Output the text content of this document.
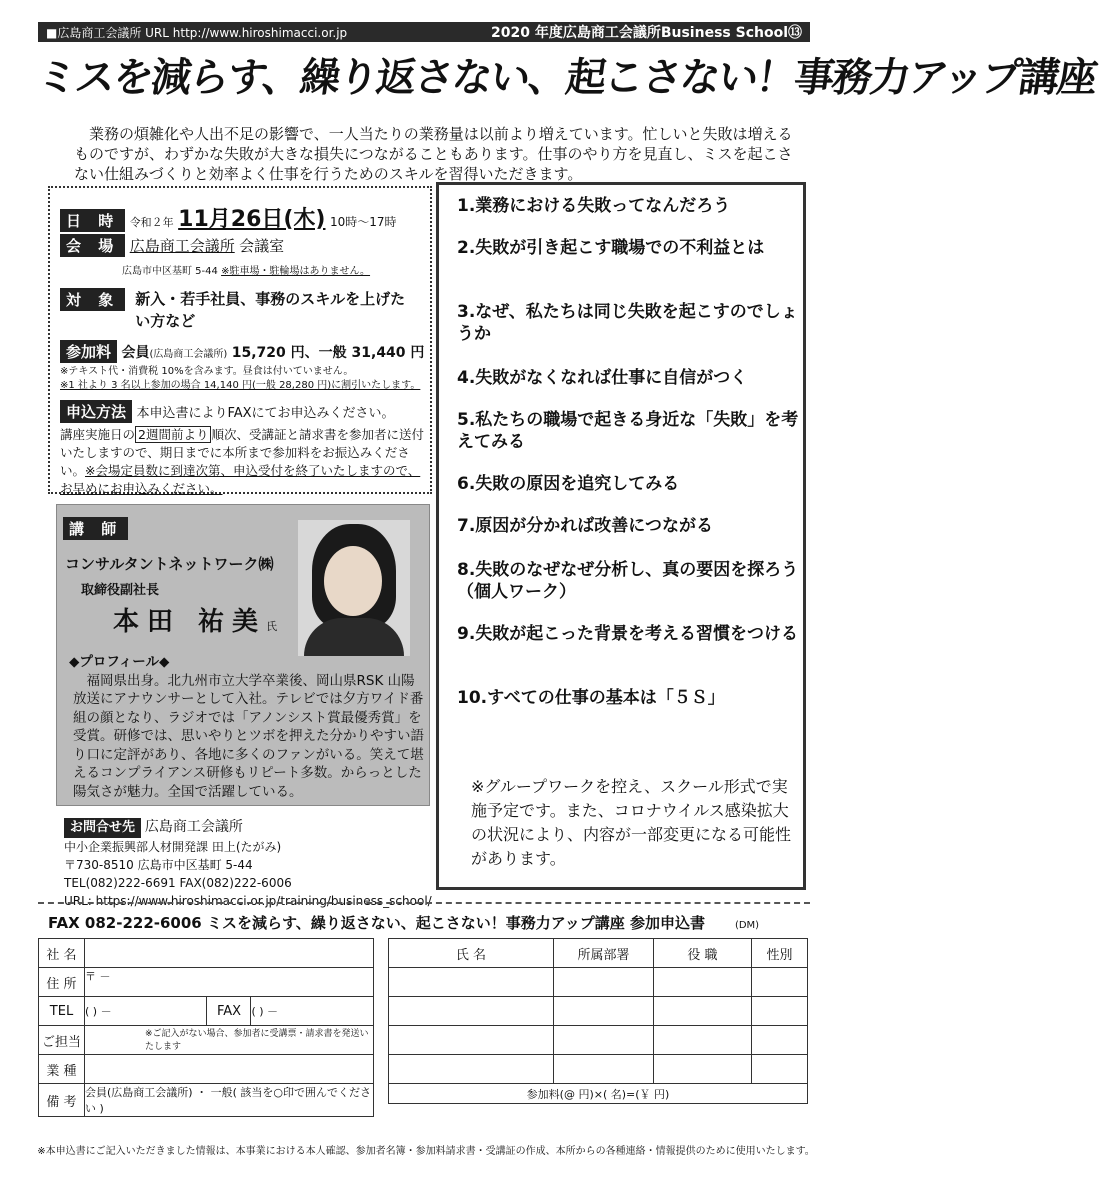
■広島商工会議所 URL http://www.hiroshimacci.or.jp	2020 年度広島商工会議所Business School⑬
ミスを減らす、繰り返さない、起こさない！事務力アップ講座
業務の煩雑化や人出不足の影響で、一人当たりの業務量は以前より増えています。忙しいと失敗は増えるものですが、わずかな失敗が大きな損失につながることもあります。仕事のやり方を見直し、ミスを起こさない仕組みづくりと効率よく仕事を行うためのスキルを習得いただきます。
日 時 令和２年 11月26日(木) 10時～17時
会 場 広島商工会議所 会議室
広島市中区基町 5-44 ※駐車場・駐輪場はありません。
対 象	新入・若手社員、事務のスキルを上げたい方など
参加料 会員(広島商工会議所) 15,720 円、一般 31,440 円
※テキスト代・消費税 10%を含みます。昼食は付いていません。
※1 社より 3 名以上参加の場合 14,140 円(一般 28,280 円)に割引いたします。
申込方法 本申込書によりFAXにてお申込みください。
講座実施日の 2週間前より 順次、受講証と請求書を参加者に送付いたしますので、期日までに本所まで参加料をお振込みください。※会場定員数に到達次第、申込受付を終了いたしますので、お早めにお申込みください。
講 師
コンサルタントネットワーク㈱
取締役副社長
本田 祐美氏
◆プロフィール◆
福岡県出身。北九州市立大学卒業後、岡山県RSK 山陽放送にアナウンサーとして入社。テレビでは夕方ワイド番組の顔となり、ラジオでは「アノンシスト賞最優秀賞」を受賞。研修では、思いやりとツボを押えた分かりやすい語り口に定評があり、各地に多くのファンがいる。笑えて堪えるコンプライアンス研修もリピート多数。からっとした陽気さが魅力。全国で活躍している。
お問合せ先 広島商工会議所
中小企業振興部人材開発課 田上(たがみ)
〒730-8510 広島市中区基町 5-44
TEL(082)222-6691 FAX(082)222-6006
URL: https://www.hiroshimacci.or.jp/training/business_school/
1.業務における失敗ってなんだろう
2.失敗が引き起こす職場での不利益とは
3.なぜ、私たちは同じ失敗を起こすのでしょうか
4.失敗がなくなれば仕事に自信がつく
5.私たちの職場で起きる身近な「失敗」を考えてみる
6.失敗の原因を追究してみる
7.原因が分かれば改善につながる
8.失敗のなぜなぜ分析し、真の要因を探ろう（個人ワーク）
9.失敗が起こった背景を考える習慣をつける
10.すべての仕事の基本は「５Ｓ」
※グループワークを控え、スクール形式で実施予定です。また、コロナウイルス感染拡大の状況により、内容が一部変更になる可能性があります。
FAX 082-222-6006 ミスを減らす、繰り返さない、起こさない！事務力アップ講座 参加申込書	(DM)
社 名			
住 所	〒 －		
TEL	( ) －	FAX	( ) －
ご担当	※ご記入がない場合、参加者に受講票・請求書を発送いたします		
業 種			
備 考	会員(広島商工会議所) ・ 一般( 該当を○印で囲んでください )		
氏 名	所属部署	役 職	性別

参加料(@ 円)×( 名)=(￥ 円)			
※本申込書にご記入いただきました情報は、本事業における本人確認、参加者名簿・参加料請求書・受講証の作成、本所からの各種連絡・情報提供のために使用いたします。
